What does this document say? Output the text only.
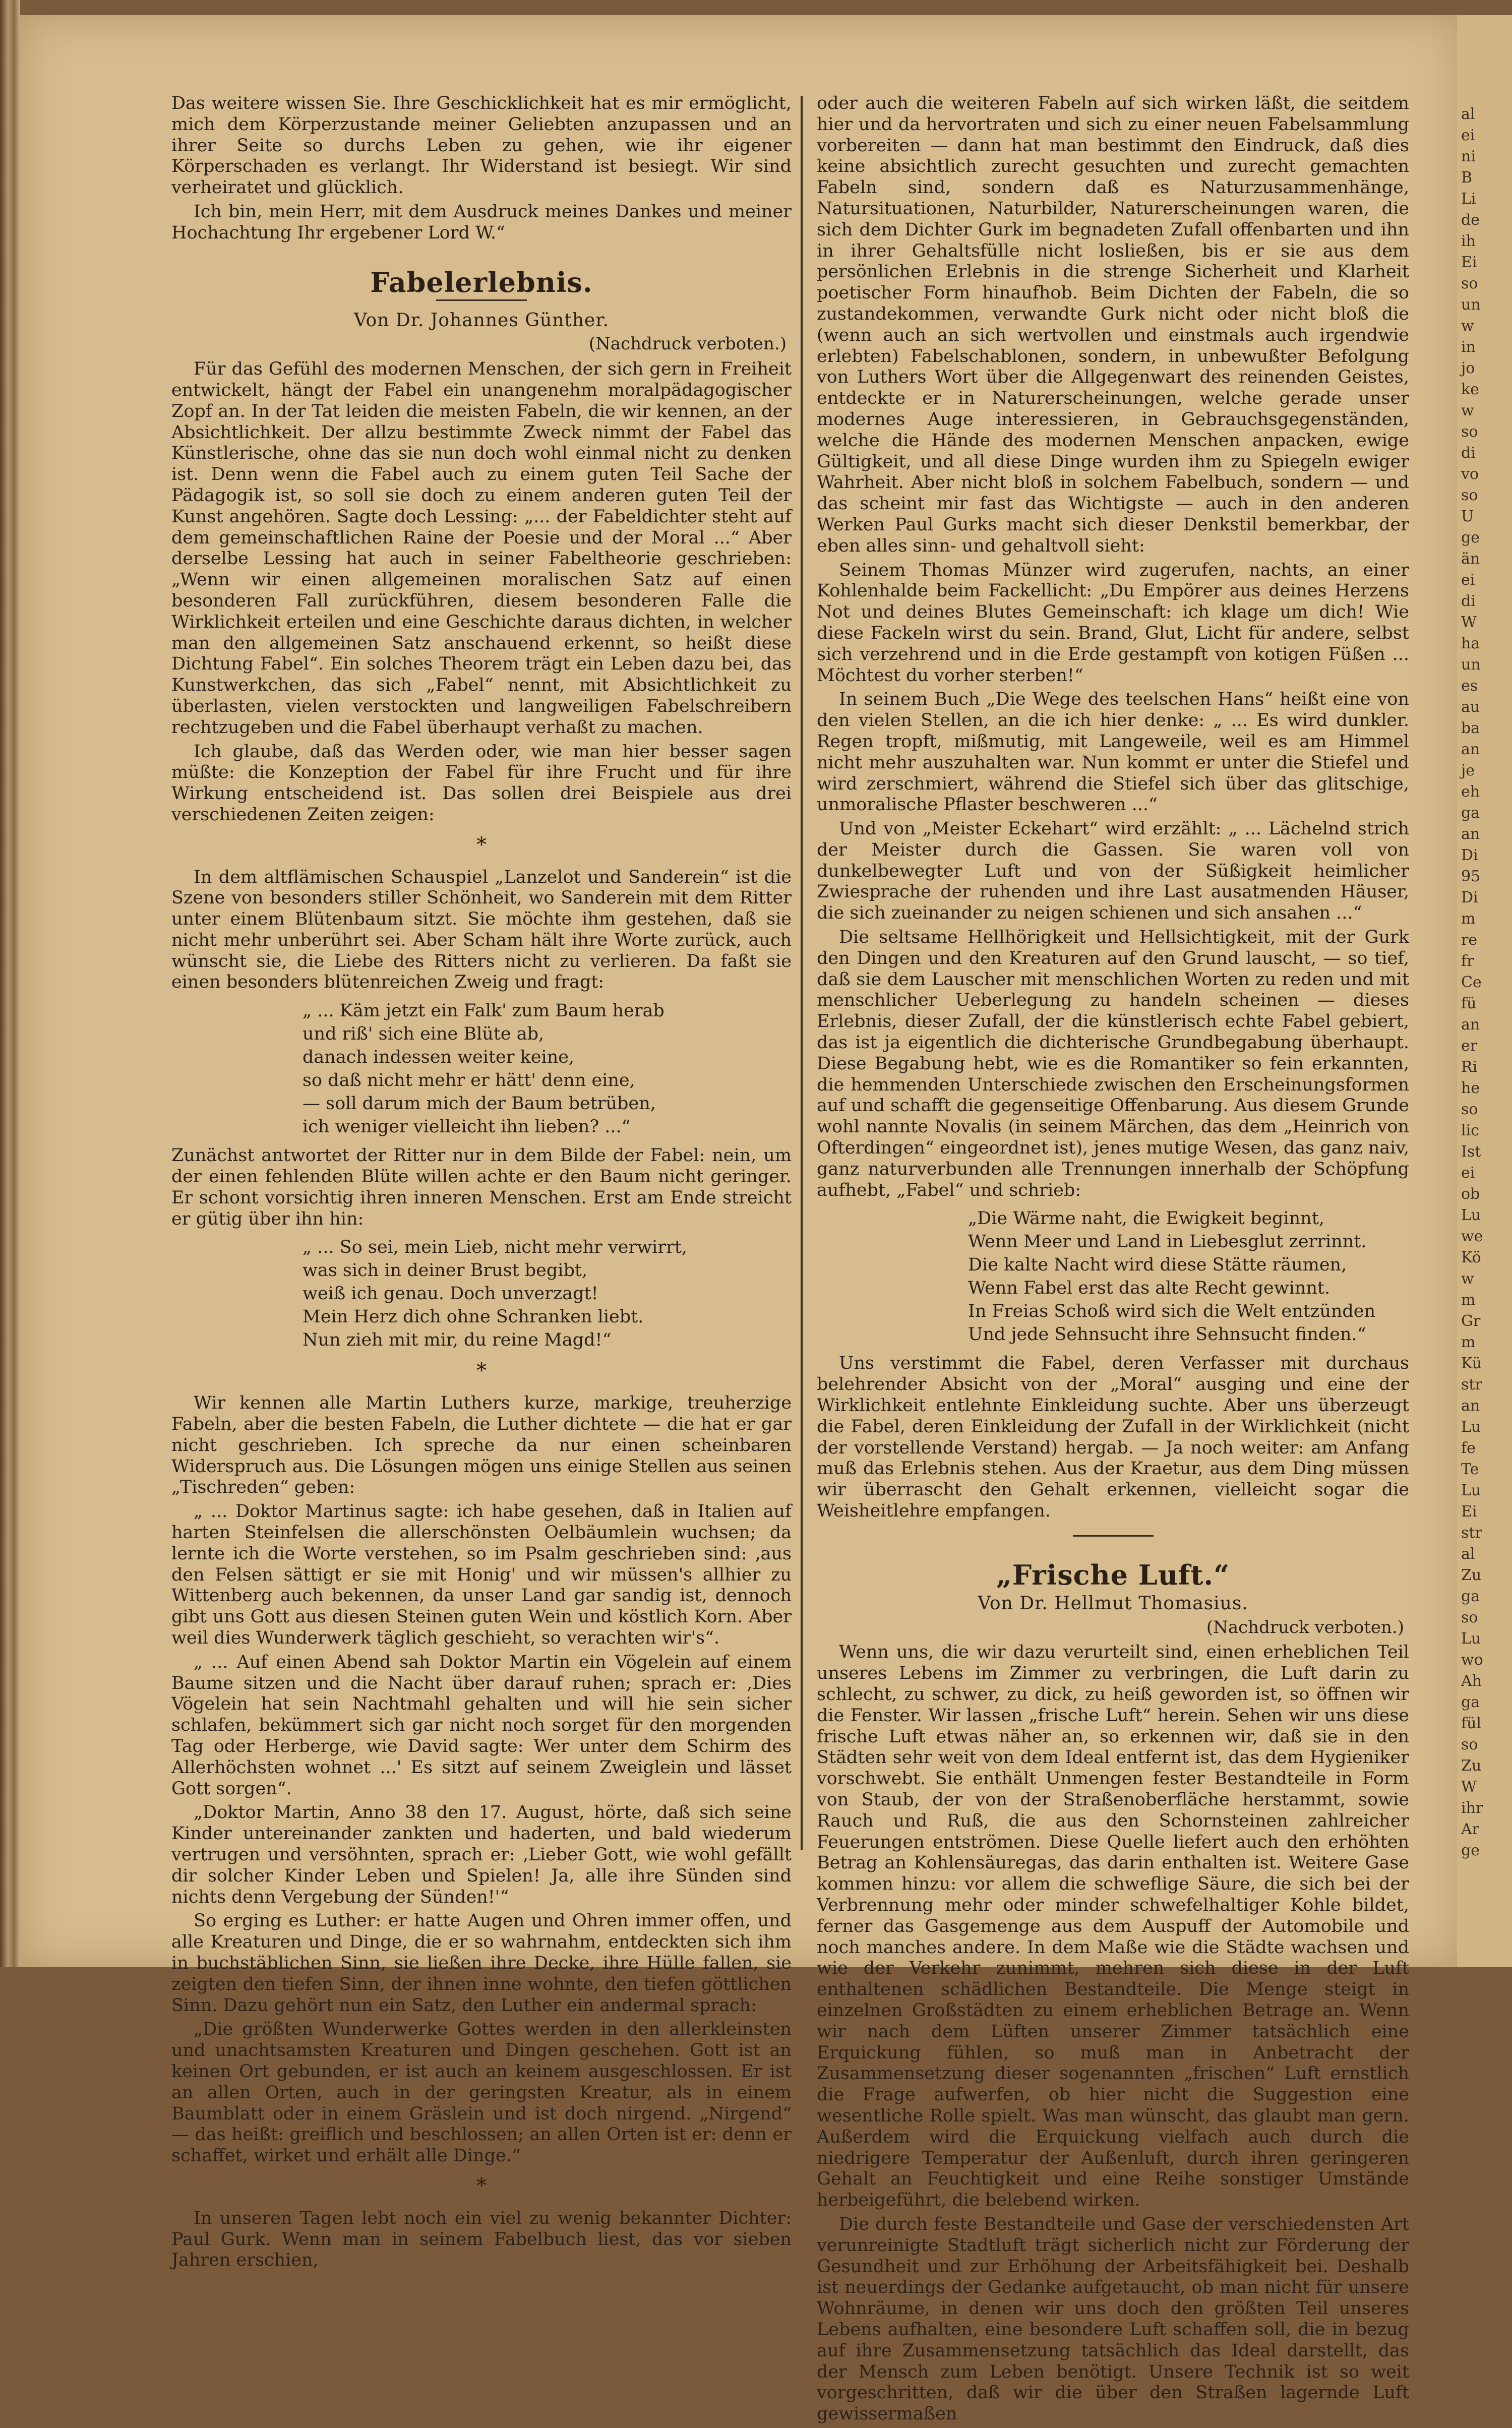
Das weitere wissen Sie. Ihre Geschicklichkeit hat es mir ermöglicht, mich dem Körperzustande meiner Geliebten anzupassen und an ihrer Seite so durchs Leben zu gehen, wie ihr eigener Körperschaden es verlangt. Ihr Widerstand ist besiegt. Wir sind verheiratet und glücklich.

Ich bin, mein Herr, mit dem Ausdruck meines Dankes und meiner Hochachtung Ihr ergebener Lord W.“

Fabelerlebnis.
Von Dr. Johannes Günther.
(Nachdruck verboten.)

Für das Gefühl des modernen Menschen, der sich gern in Freiheit entwickelt, hängt der Fabel ein unangenehm moralpädagogischer Zopf an. In der Tat leiden die meisten Fabeln, die wir kennen, an der Absichtlichkeit. Der allzu bestimmte Zweck nimmt der Fabel das Künstlerische, ohne das sie nun doch wohl einmal nicht zu denken ist. Denn wenn die Fabel auch zu einem guten Teil Sache der Pädagogik ist, so soll sie doch zu einem anderen guten Teil der Kunst angehören. Sagte doch Lessing: „... der Fabeldichter steht auf dem gemeinschaftlichen Raine der Poesie und der Moral ...“ Aber derselbe Lessing hat auch in seiner Fabeltheorie geschrieben: „Wenn wir einen allgemeinen moralischen Satz auf einen besonderen Fall zurückführen, diesem besonderen Falle die Wirklichkeit erteilen und eine Geschichte daraus dichten, in welcher man den allgemeinen Satz anschauend erkennt, so heißt diese Dichtung Fabel“. Ein solches Theorem trägt ein Leben dazu bei, das Kunstwerkchen, das sich „Fabel“ nennt, mit Absichtlichkeit zu überlasten, vielen verstockten und langweiligen Fabelschreibern rechtzugeben und die Fabel überhaupt verhaßt zu machen.

Ich glaube, daß das Werden oder, wie man hier besser sagen müßte: die Konzeption der Fabel für ihre Frucht und für ihre Wirkung entscheidend ist. Das sollen drei Beispiele aus drei verschiedenen Zeiten zeigen:

*

In dem altflämischen Schauspiel „Lanzelot und Sanderein“ ist die Szene von besonders stiller Schönheit, wo Sanderein mit dem Ritter unter einem Blütenbaum sitzt. Sie möchte ihm gestehen, daß sie nicht mehr unberührt sei. Aber Scham hält ihre Worte zurück, auch wünscht sie, die Liebe des Ritters nicht zu verlieren. Da faßt sie einen besonders blütenreichen Zweig und fragt:

„ ... Käm jetzt ein Falk' zum Baum herab
und riß' sich eine Blüte ab,
danach indessen weiter keine,
so daß nicht mehr er hätt' denn eine,
— soll darum mich der Baum betrüben,
ich weniger vielleicht ihn lieben? ...“

Zunächst antwortet der Ritter nur in dem Bilde der Fabel: nein, um der einen fehlenden Blüte willen achte er den Baum nicht geringer. Er schont vorsichtig ihren inneren Menschen. Erst am Ende streicht er gütig über ihn hin:

„ ... So sei, mein Lieb, nicht mehr verwirrt,
was sich in deiner Brust begibt,
weiß ich genau. Doch unverzagt!
Mein Herz dich ohne Schranken liebt.
Nun zieh mit mir, du reine Magd!“
*

Wir kennen alle Martin Luthers kurze, markige, treuherzige Fabeln, aber die besten Fabeln, die Luther dichtete — die hat er gar nicht geschrieben. Ich spreche da nur einen scheinbaren Widerspruch aus. Die Lösungen mögen uns einige Stellen aus seinen „Tischreden“ geben:

„ ... Doktor Martinus sagte: ich habe gesehen, daß in Italien auf harten Steinfelsen die allerschönsten Oelbäumlein wuchsen; da lernte ich die Worte verstehen, so im Psalm geschrieben sind: ‚aus den Felsen sättigt er sie mit Honig' und wir müssen's allhier zu Wittenberg auch bekennen, da unser Land gar sandig ist, dennoch gibt uns Gott aus diesen Steinen guten Wein und köstlich Korn. Aber weil dies Wunderwerk täglich geschieht, so verachten wir's“.

„ ... Auf einen Abend sah Doktor Martin ein Vögelein auf einem Baume sitzen und die Nacht über darauf ruhen; sprach er: ‚Dies Vögelein hat sein Nachtmahl gehalten und will hie sein sicher schlafen, bekümmert sich gar nicht noch sorget für den morgenden Tag oder Herberge, wie David sagte: Wer unter dem Schirm des Allerhöchsten wohnet ...' Es sitzt auf seinem Zweiglein und lässet Gott sorgen“.

„Doktor Martin, Anno 38 den 17. August, hörte, daß sich seine Kinder untereinander zankten und haderten, und bald wiederum vertrugen und versöhnten, sprach er: ‚Lieber Gott, wie wohl gefällt dir solcher Kinder Leben und Spielen! Ja, alle ihre Sünden sind nichts denn Vergebung der Sünden!'“

So erging es Luther: er hatte Augen und Ohren immer offen, und alle Kreaturen und Dinge, die er so wahrnahm, entdeckten sich ihm in buchstäblichen Sinn, sie ließen ihre Decke, ihre Hülle fallen, sie zeigten den tiefen Sinn, der ihnen inne wohnte, den tiefen göttlichen Sinn. Dazu gehört nun ein Satz, den Luther ein andermal sprach:

„Die größten Wunderwerke Gottes werden in den allerkleinsten und unachtsamsten Kreaturen und Dingen geschehen. Gott ist an keinen Ort gebunden, er ist auch an keinem ausgeschlossen. Er ist an allen Orten, auch in der geringsten Kreatur, als in einem Baumblatt oder in einem Gräslein und ist doch nirgend. „Nirgend“ — das heißt: greiflich und beschlossen; an allen Orten ist er: denn er schaffet, wirket und erhält alle Dinge.“

*

In unseren Tagen lebt noch ein viel zu wenig bekannter Dichter: Paul Gurk. Wenn man in seinem Fabelbuch liest, das vor sieben Jahren erschien,

oder auch die weiteren Fabeln auf sich wirken läßt, die seitdem hier und da hervortraten und sich zu einer neuen Fabelsammlung vorbereiten — dann hat man bestimmt den Eindruck, daß dies keine absichtlich zurecht gesuchten und zurecht gemachten Fabeln sind, sondern daß es Naturzusammenhänge, Natursituationen, Naturbilder, Naturerscheinungen waren, die sich dem Dichter Gurk im begnadeten Zufall offenbarten und ihn in ihrer Gehaltsfülle nicht losließen, bis er sie aus dem persönlichen Erlebnis in die strenge Sicherheit und Klarheit poetischer Form hinaufhob. Beim Dichten der Fabeln, die so zustandekommen, verwandte Gurk nicht oder nicht bloß die (wenn auch an sich wertvollen und einstmals auch irgendwie erlebten) Fabelschablonen, sondern, in unbewußter Befolgung von Luthers Wort über die Allgegenwart des reinenden Geistes, entdeckte er in Naturerscheinungen, welche gerade unser modernes Auge interessieren, in Gebrauchsgegenständen, welche die Hände des modernen Menschen anpacken, ewige Gültigkeit, und all diese Dinge wurden ihm zu Spiegeln ewiger Wahrheit. Aber nicht bloß in solchem Fabelbuch, sondern — und das scheint mir fast das Wichtigste — auch in den anderen Werken Paul Gurks macht sich dieser Denkstil bemerkbar, der eben alles sinn- und gehaltvoll sieht:

Seinem Thomas Münzer wird zugerufen, nachts, an einer Kohlenhalde beim Fackellicht: „Du Empörer aus deines Herzens Not und deines Blutes Gemeinschaft: ich klage um dich! Wie diese Fackeln wirst du sein. Brand, Glut, Licht für andere, selbst sich verzehrend und in die Erde gestampft von kotigen Füßen ... Möchtest du vorher sterben!“

In seinem Buch „Die Wege des teelschen Hans“ heißt eine von den vielen Stellen, an die ich hier denke: „ ... Es wird dunkler. Regen tropft, mißmutig, mit Langeweile, weil es am Himmel nicht mehr auszuhalten war. Nun kommt er unter die Stiefel und wird zerschmiert, während die Stiefel sich über das glitschige, unmoralische Pflaster beschweren ...“

Und von „Meister Eckehart“ wird erzählt: „ ... Lächelnd strich der Meister durch die Gassen. Sie waren voll von dunkelbewegter Luft und von der Süßigkeit heimlicher Zwiesprache der ruhenden und ihre Last ausatmenden Häuser, die sich zueinander zu neigen schienen und sich ansahen ...“

Die seltsame Hellhörigkeit und Hellsichtigkeit, mit der Gurk den Dingen und den Kreaturen auf den Grund lauscht, — so tief, daß sie dem Lauscher mit menschlichen Worten zu reden und mit menschlicher Ueberlegung zu handeln scheinen — dieses Erlebnis, dieser Zufall, der die künstlerisch echte Fabel gebiert, das ist ja eigentlich die dichterische Grundbegabung überhaupt. Diese Begabung hebt, wie es die Romantiker so fein erkannten, die hemmenden Unterschiede zwischen den Erscheinungsformen auf und schafft die gegenseitige Offenbarung. Aus diesem Grunde wohl nannte Novalis (in seinem Märchen, das dem „Heinrich von Ofterdingen“ eingeordnet ist), jenes mutige Wesen, das ganz naiv, ganz naturverbunden alle Trennungen innerhalb der Schöpfung aufhebt, „Fabel“ und schrieb:

„Die Wärme naht, die Ewigkeit beginnt,
Wenn Meer und Land in Liebesglut zerrinnt.
Die kalte Nacht wird diese Stätte räumen,
Wenn Fabel erst das alte Recht gewinnt.
In Freias Schoß wird sich die Welt entzünden
Und jede Sehnsucht ihre Sehnsucht finden.“

Uns verstimmt die Fabel, deren Verfasser mit durchaus belehrender Absicht von der „Moral“ ausging und eine der Wirklichkeit entlehnte Einkleidung suchte. Aber uns überzeugt die Fabel, deren Einkleidung der Zufall in der Wirklichkeit (nicht der vorstellende Verstand) hergab. — Ja noch weiter: am Anfang muß das Erlebnis stehen. Aus der Kraetur, aus dem Ding müssen wir überrascht den Gehalt erkennen, vielleicht sogar die Weisheitlehre empfangen.

„Frische Luft.“
Von Dr. Hellmut Thomasius.
(Nachdruck verboten.)

Wenn uns, die wir dazu verurteilt sind, einen erheblichen Teil unseres Lebens im Zimmer zu verbringen, die Luft darin zu schlecht, zu schwer, zu dick, zu heiß geworden ist, so öffnen wir die Fenster. Wir lassen „frische Luft“ herein. Sehen wir uns diese frische Luft etwas näher an, so erkennen wir, daß sie in den Städten sehr weit von dem Ideal entfernt ist, das dem Hygieniker vorschwebt. Sie enthält Unmengen fester Bestandteile in Form von Staub, der von der Straßenoberfläche herstammt, sowie Rauch und Ruß, die aus den Schornsteinen zahlreicher Feuerungen entströmen. Diese Quelle liefert auch den erhöhten Betrag an Kohlensäuregas, das darin enthalten ist. Weitere Gase kommen hinzu: vor allem die schweflige Säure, die sich bei der Verbrennung mehr oder minder schwefelhaltiger Kohle bildet, ferner das Gasgemenge aus dem Auspuff der Automobile und noch manches andere. In dem Maße wie die Städte wachsen und wie der Verkehr zunimmt, mehren sich diese in der Luft enthaltenen schädlichen Bestandteile. Die Menge steigt in einzelnen Großstädten zu einem erheblichen Betrage an. Wenn wir nach dem Lüften unserer Zimmer tatsächlich eine Erquickung fühlen, so muß man in Anbetracht der Zusammensetzung dieser sogenannten „frischen“ Luft ernstlich die Frage aufwerfen, ob hier nicht die Suggestion eine wesentliche Rolle spielt. Was man wünscht, das glaubt man gern. Außerdem wird die Erquickung vielfach auch durch die niedrigere Temperatur der Außenluft, durch ihren geringeren Gehalt an Feuchtigkeit und eine Reihe sonstiger Umstände herbeigeführt, die belebend wirken.

Die durch feste Bestandteile und Gase der verschiedensten Art verunreinigte Stadtluft trägt sicherlich nicht zur Förderung der Gesundheit und zur Erhöhung der Arbeitsfähigkeit bei. Deshalb ist neuerdings der Gedanke aufgetaucht, ob man nicht für unsere Wohnräume, in denen wir uns doch den größten Teil unseres Lebens aufhalten, eine besondere Luft schaffen soll, die in bezug auf ihre Zusammensetzung tatsächlich das Ideal darstellt, das der Mensch zum Leben benötigt. Unsere Technik ist so weit vorgeschritten, daß wir die über den Straßen lagernde Luft gewissermaßen

al
ei
ni
B
Li
de
ih
Ei
so
un
w
in
jo
ke
w
so
di
vo
so
U
ge
än
ei
di
W
ha
un
es
au
ba
an
je
eh
ga
an
Di
95
Di
m
re
fr
Ce
fü
an
er
Ri
he
so
lic
Ist
ei
ob
Lu
we
Kö
w
m
Gr
m
Kü
str
an
Lu
fe
Te
Lu
Ei
str
al
Zu
ga
so
Lu
wo
Ah
ga
fül
so
Zu
W
ihr
Ar
ge
